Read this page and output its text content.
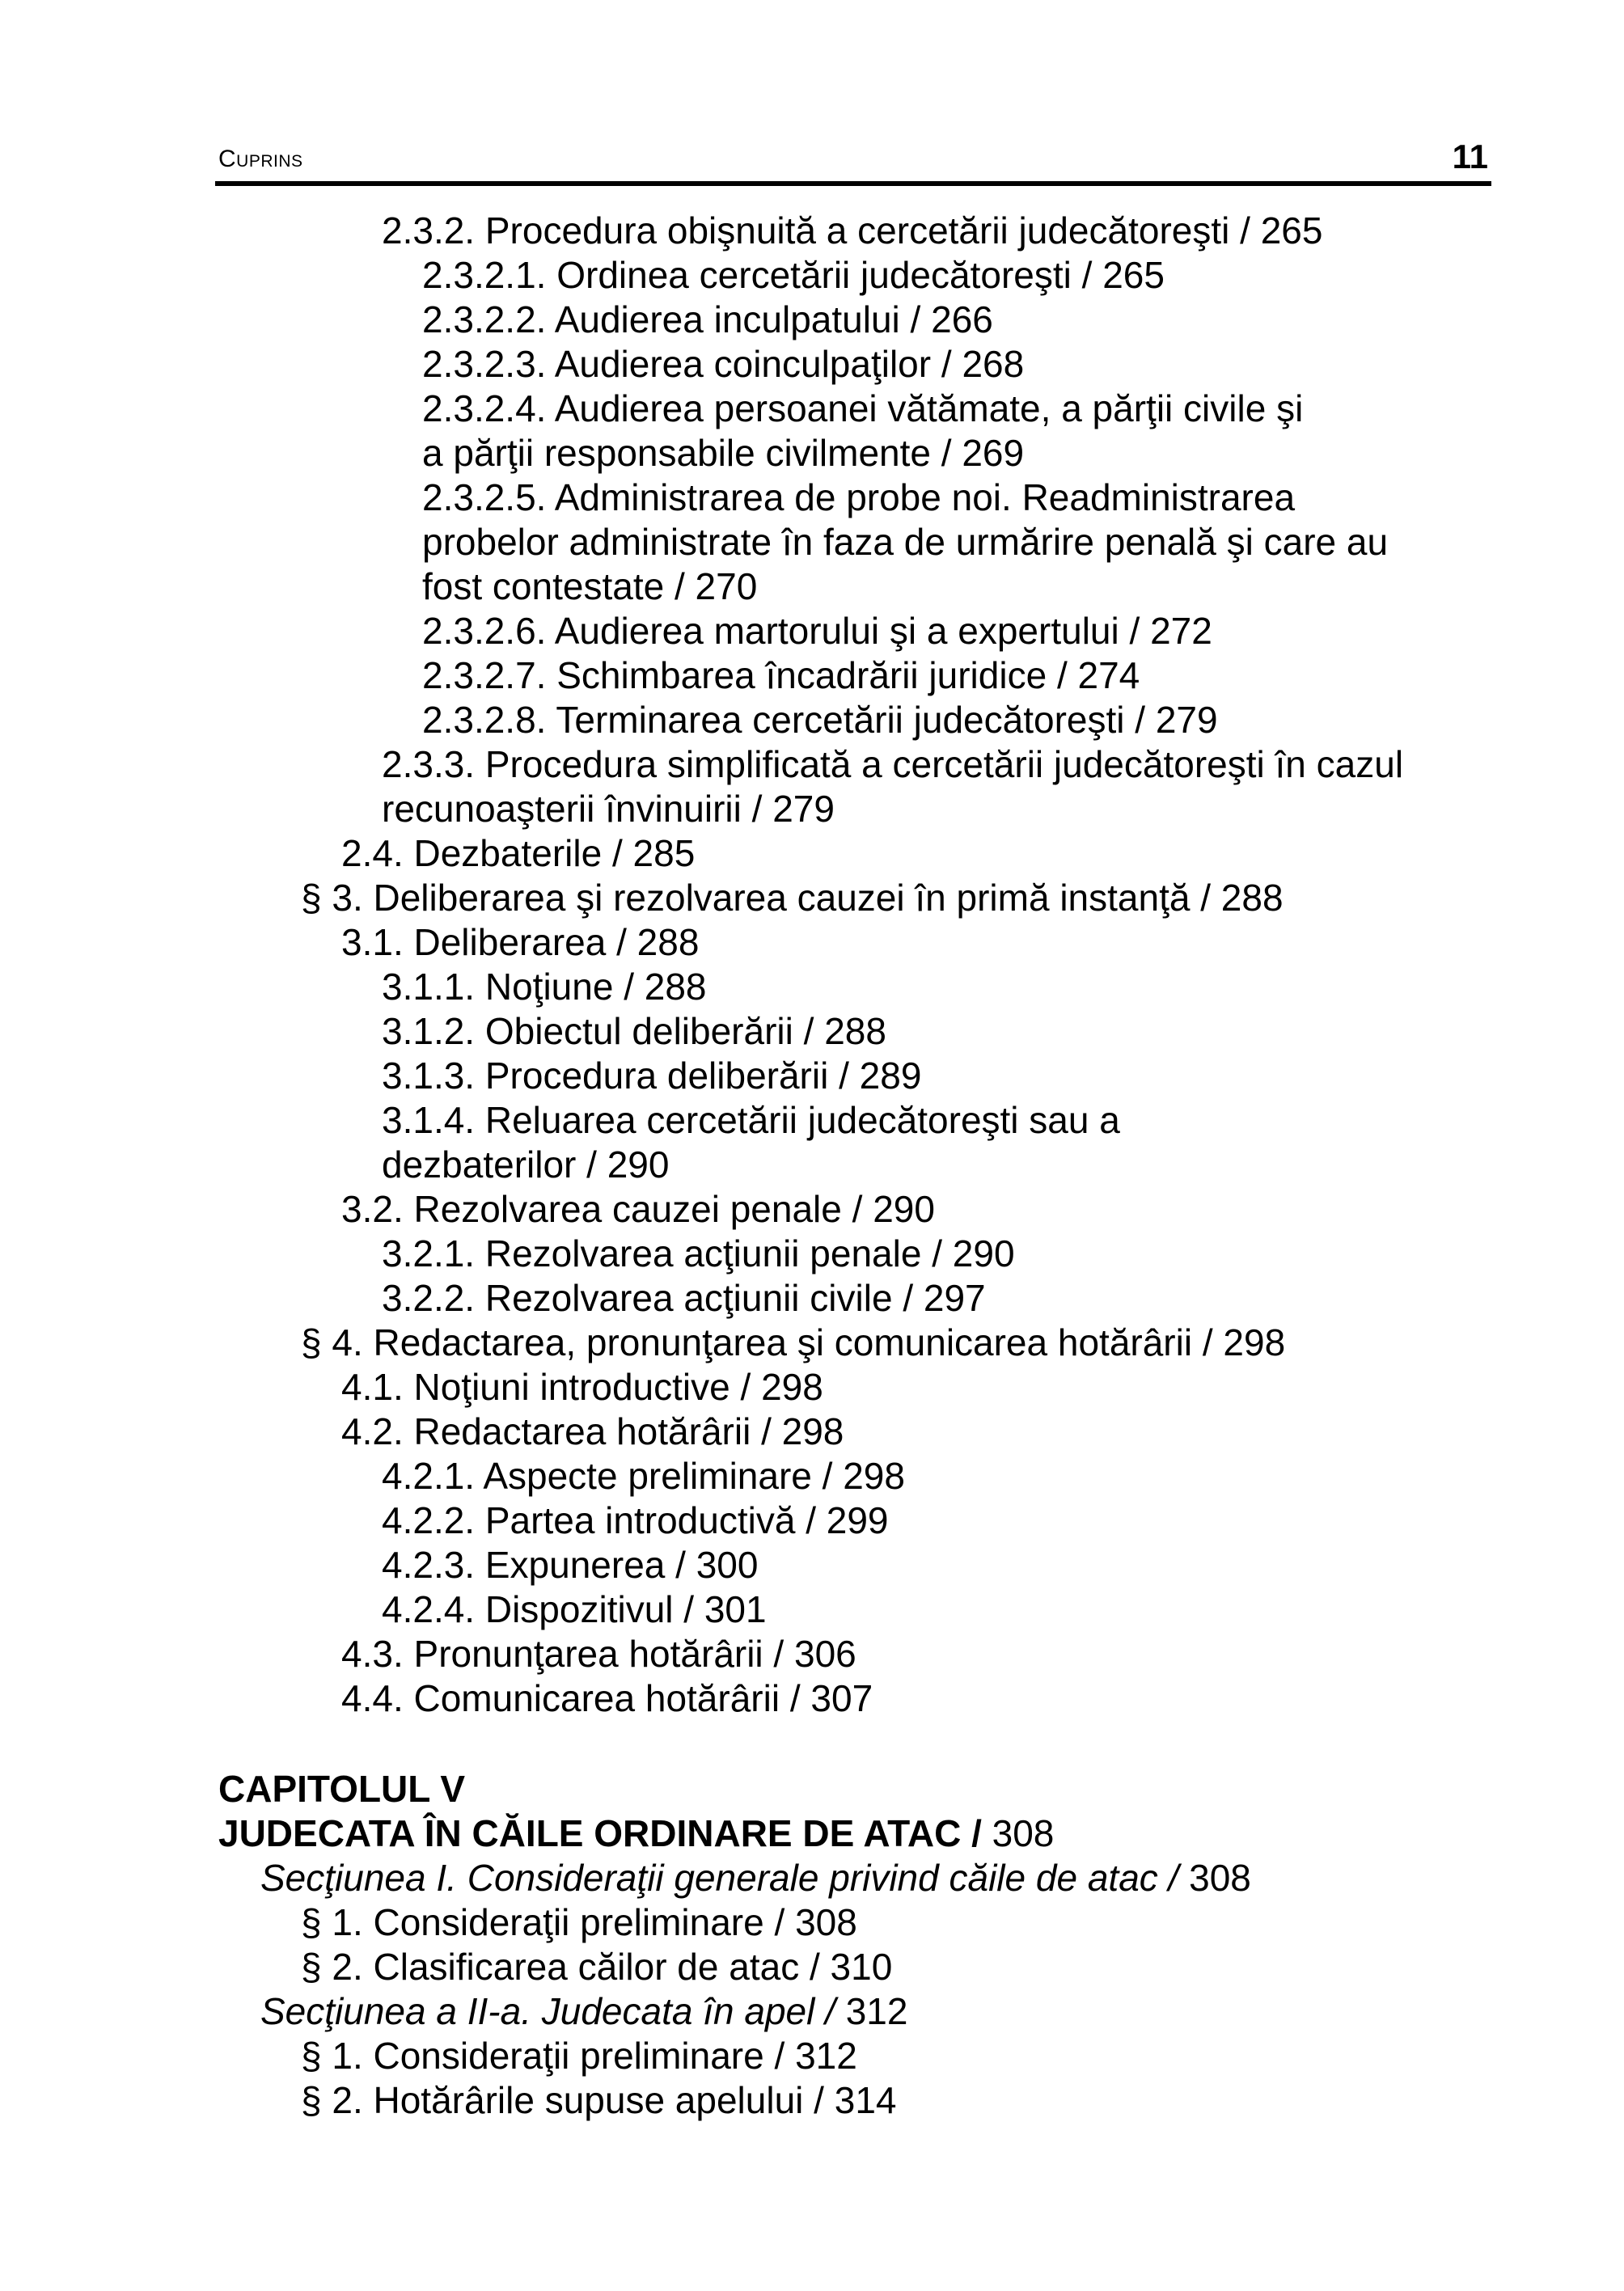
Cuprins	11
2.3.2. Procedura obişnuită a cercetării judecătoreşti / 265
2.3.2.1. Ordinea cercetării judecătoreşti / 265
2.3.2.2. Audierea inculpatului / 266
2.3.2.3. Audierea coinculpaţilor / 268
2.3.2.4. Audierea persoanei vătămate, a părţii civile şi
a părţii responsabile civilmente / 269
2.3.2.5. Administrarea de probe noi. Readministrarea
probelor administrate în faza de urmărire penală şi care au
fost contestate / 270
2.3.2.6. Audierea martorului şi a expertului / 272
2.3.2.7. Schimbarea încadrării juridice / 274
2.3.2.8. Terminarea cercetării judecătoreşti / 279
2.3.3. Procedura simplificată a cercetării judecătoreşti în cazul
recunoaşterii învinuirii / 279
2.4. Dezbaterile / 285
§ 3. Deliberarea şi rezolvarea cauzei în primă instanţă / 288
3.1. Deliberarea / 288
3.1.1. Noţiune / 288
3.1.2. Obiectul deliberării / 288
3.1.3. Procedura deliberării / 289
3.1.4. Reluarea cercetării judecătoreşti sau a
dezbaterilor / 290
3.2. Rezolvarea cauzei penale / 290
3.2.1. Rezolvarea acţiunii penale / 290
3.2.2. Rezolvarea acţiunii civile / 297
§ 4. Redactarea, pronunţarea şi comunicarea hotărârii / 298
4.1. Noţiuni introductive / 298
4.2. Redactarea hotărârii / 298
4.2.1. Aspecte preliminare / 298
4.2.2. Partea introductivă / 299
4.2.3. Expunerea / 300
4.2.4. Dispozitivul / 301
4.3. Pronunţarea hotărârii / 306
4.4. Comunicarea hotărârii / 307
CAPITOLUL V
JUDECATA ÎN CĂILE ORDINARE DE ATAC / 308
Secţiunea I. Consideraţii generale privind căile de atac / 308
§ 1. Consideraţii preliminare / 308
§ 2. Clasificarea căilor de atac / 310
Secţiunea a II-a. Judecata în apel / 312
§ 1. Consideraţii preliminare / 312
§ 2. Hotărârile supuse apelului / 314
